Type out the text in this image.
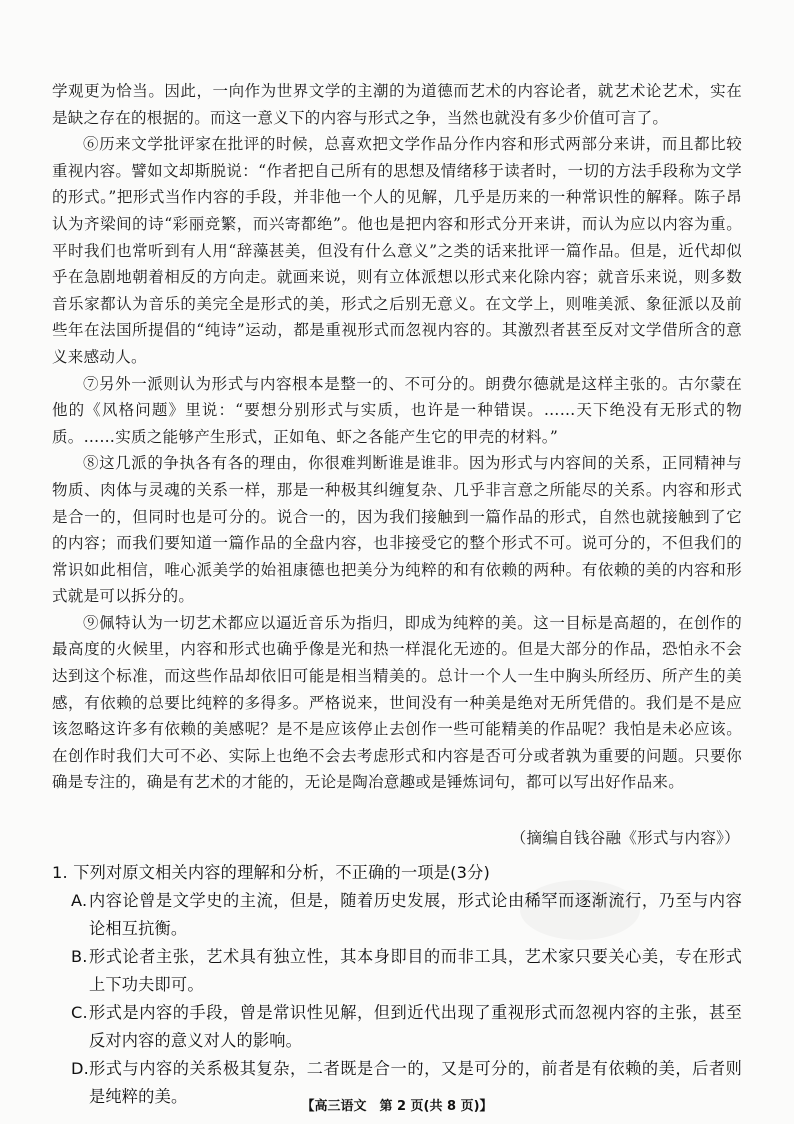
学观更为恰当。因此，一向作为世界文学的主潮的为道德而艺术的内容论者，就艺术论艺术，实在是缺之存在的根据的。而这一意义下的内容与形式之争，当然也就没有多少价值可言了。

⑥历来文学批评家在批评的时候，总喜欢把文学作品分作内容和形式两部分来讲，而且都比较重视内容。譬如文却斯脱说：“作者把自己所有的思想及情绪移于读者时，一切的方法手段称为文学的形式。”把形式当作内容的手段，并非他一个人的见解，几乎是历来的一种常识性的解释。陈子昂认为齐梁间的诗“彩丽竞繁，而兴寄都绝”。他也是把内容和形式分开来讲，而认为应以内容为重。平时我们也常听到有人用“辞藻甚美，但没有什么意义”之类的话来批评一篇作品。但是，近代却似乎在急剧地朝着相反的方向走。就画来说，则有立体派想以形式来化除内容；就音乐来说，则多数音乐家都认为音乐的美完全是形式的美，形式之后别无意义。在文学上，则唯美派、象征派以及前些年在法国所提倡的“纯诗”运动，都是重视形式而忽视内容的。其激烈者甚至反对文学借所含的意义来感动人。

⑦另外一派则认为形式与内容根本是整一的、不可分的。朗费尔德就是这样主张的。古尔蒙在他的《风格问题》里说：“要想分别形式与实质，也许是一种错误。……天下绝没有无形式的物质。……实质之能够产生形式，正如龟、虾之各能产生它的甲壳的材料。”

⑧这几派的争执各有各的理由，你很难判断谁是谁非。因为形式与内容间的关系，正同精神与物质、肉体与灵魂的关系一样，那是一种极其纠缠复杂、几乎非言意之所能尽的关系。内容和形式是合一的，但同时也是可分的。说合一的，因为我们接触到一篇作品的形式，自然也就接触到了它的内容；而我们要知道一篇作品的全盘内容，也非接受它的整个形式不可。说可分的，不但我们的常识如此相信，唯心派美学的始祖康德也把美分为纯粹的和有依赖的两种。有依赖的美的内容和形式就是可以拆分的。

⑨佩特认为一切艺术都应以逼近音乐为指归，即成为纯粹的美。这一目标是高超的，在创作的最高度的火候里，内容和形式也确乎像是光和热一样混化无迹的。但是大部分的作品，恐怕永不会达到这个标准，而这些作品却依旧可能是相当精美的。总计一个人一生中胸头所经历、所产生的美感，有依赖的总要比纯粹的多得多。严格说来，世间没有一种美是绝对无所凭借的。我们是不是应该忽略这许多有依赖的美感呢？是不是应该停止去创作一些可能精美的作品呢？我怕是未必应该。在创作时我们大可不必、实际上也绝不会去考虑形式和内容是否可分或者孰为重要的问题。只要你确是专注的，确是有艺术的才能的，无论是陶冶意趣或是锤炼词句，都可以写出好作品来。

（摘编自钱谷融《形式与内容》）

1. 下列对原文相关内容的理解和分析，不正确的一项是(3分)

A. 内容论曾是文学史的主流，但是，随着历史发展，形式论由稀罕而逐渐流行，乃至与内容论相互抗衡。
B. 形式论者主张，艺术具有独立性，其本身即目的而非工具，艺术家只要关心美，专在形式上下功夫即可。
C. 形式是内容的手段，曾是常识性见解，但到近代出现了重视形式而忽视内容的主张，甚至反对内容的意义对人的影响。
D. 形式与内容的关系极其复杂，二者既是合一的，又是可分的，前者是有依赖的美，后者则是纯粹的美。
【高三语文　第 2 页(共 8 页)】
